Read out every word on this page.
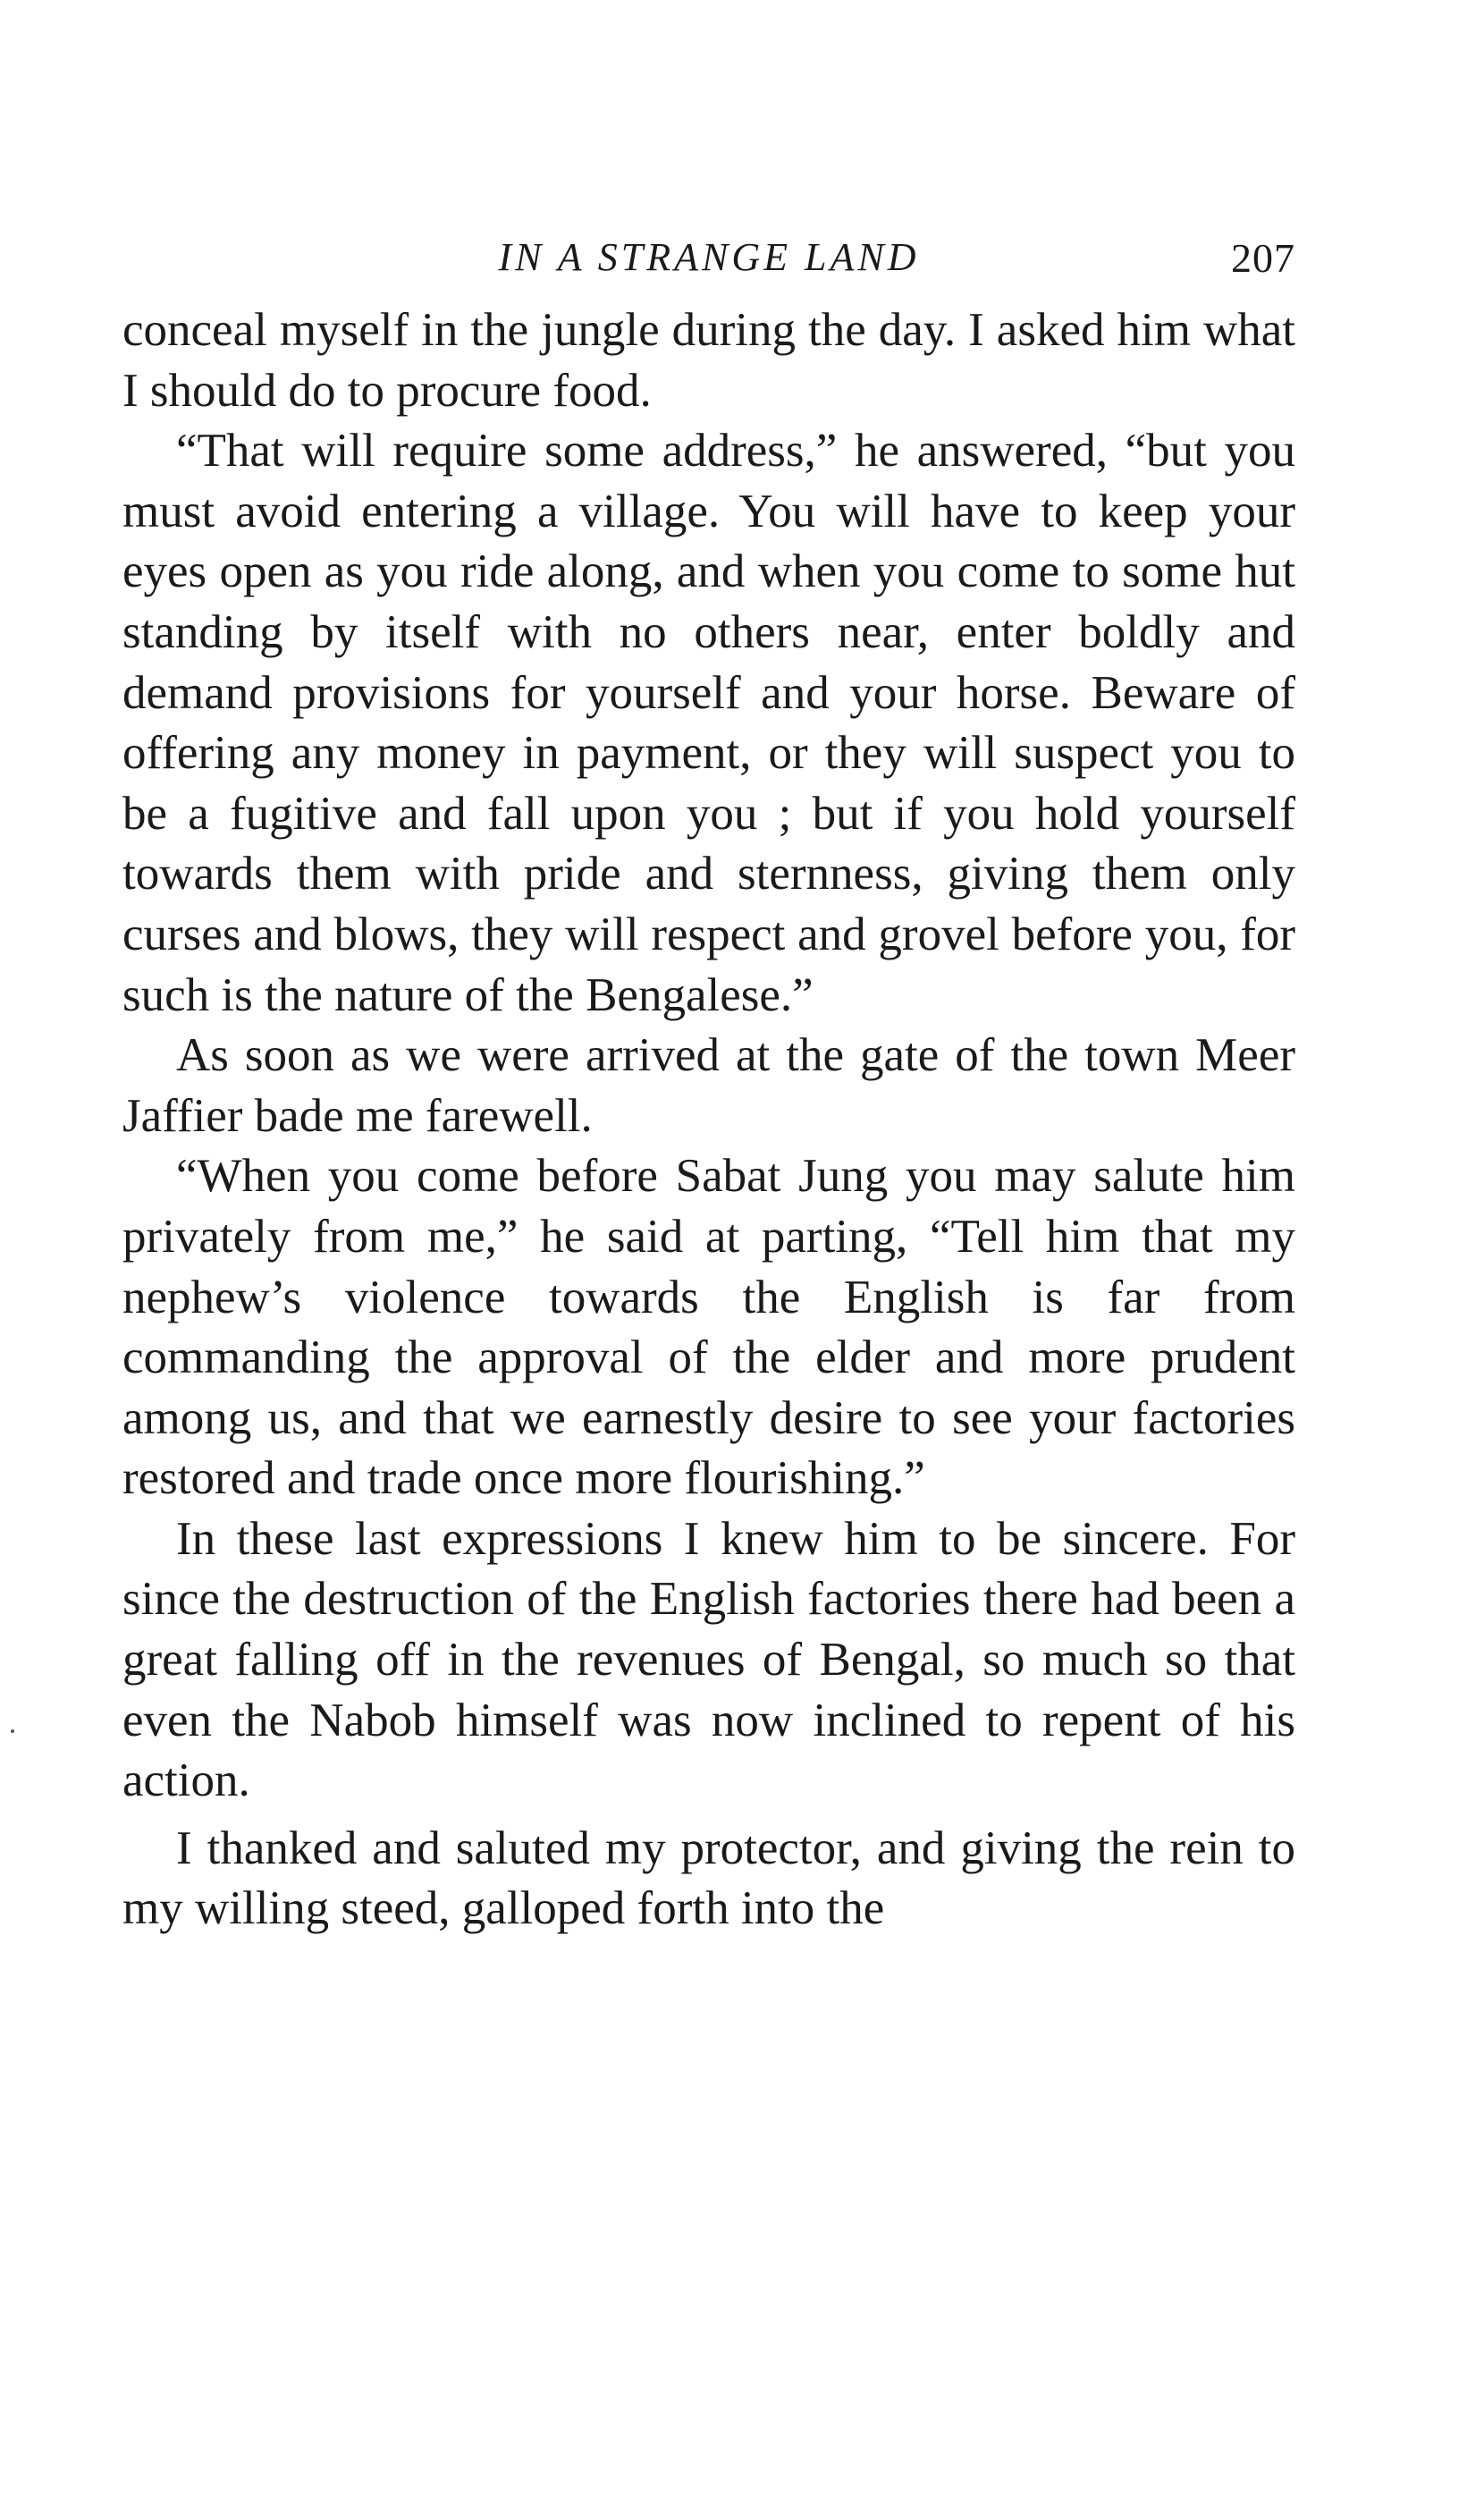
IN A STRANGE LAND	207

conceal myself in the jungle during the day. I asked him what I should do to procure food.

“That will require some address,” he answered, “but you must avoid entering a village. You will have to keep your eyes open as you ride along, and when you come to some hut standing by itself with no others near, enter boldly and demand provisions for yourself and your horse. Beware of offering any money in payment, or they will suspect you to be a fugitive and fall upon you ; but if you hold yourself towards them with pride and sternness, giving them only curses and blows, they will respect and grovel before you, for such is the nature of the Bengalese.”

As soon as we were arrived at the gate of the town Meer Jaffier bade me farewell.

“When you come before Sabat Jung you may salute him privately from me,” he said at parting, “Tell him that my nephew’s violence towards the English is far from commanding the approval of the elder and more prudent among us, and that we earnestly desire to see your factories restored and trade once more flourishing.”

In these last expressions I knew him to be sincere. For since the destruction of the English factories there had been a great falling off in the revenues of Bengal, so much so that even the Nabob himself was now inclined to repent of his action.

I thanked and saluted my protector, and giving the rein to my willing steed, galloped forth into the
